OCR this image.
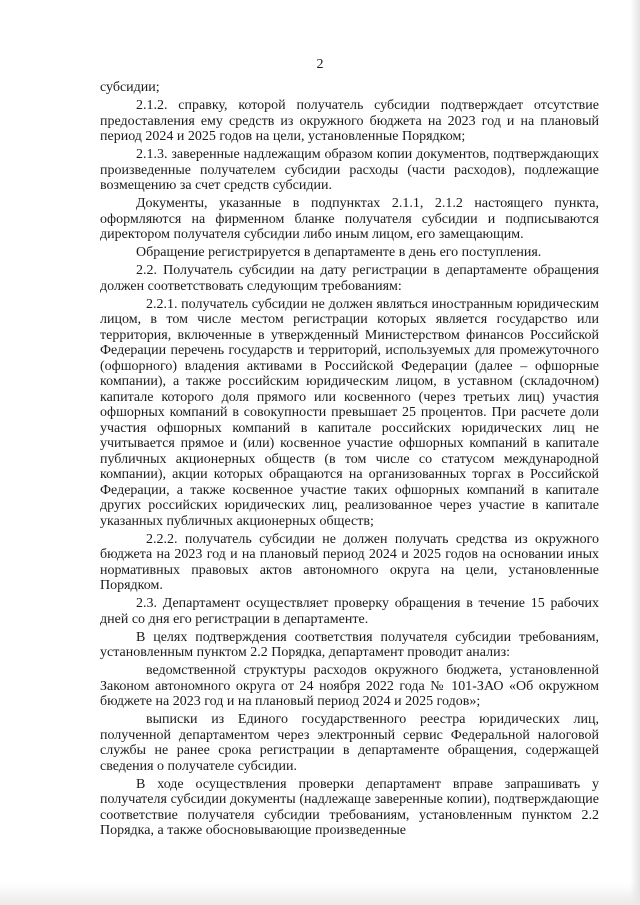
2

субсидии;

2.1.2. справку, которой получатель субсидии подтверждает отсутствие предоставления ему средств из окружного бюджета на 2023 год и на плановый период 2024 и 2025 годов на цели, установленные Порядком;

2.1.3. заверенные надлежащим образом копии документов, подтверждающих произведенные получателем субсидии расходы (части расходов), подлежащие возмещению за счет средств субсидии.

Документы, указанные в подпунктах 2.1.1, 2.1.2 настоящего пункта, оформляются на фирменном бланке получателя субсидии и подписываются директором получателя субсидии либо иным лицом, его замещающим.

Обращение регистрируется в департаменте в день его поступления.

2.2. Получатель субсидии на дату регистрации в департаменте обращения должен соответствовать следующим требованиям:

2.2.1. получатель субсидии не должен являться иностранным юридическим лицом, в том числе местом регистрации которых является государство или территория, включенные в утвержденный Министерством финансов Российской Федерации перечень государств и территорий, используемых для промежуточного (офшорного) владения активами в Российской Федерации (далее – офшорные компании), а также российским юридическим лицом, в уставном (складочном) капитале которого доля прямого или косвенного (через третьих лиц) участия офшорных компаний в совокупности превышает 25 процентов. При расчете доли участия офшорных компаний в капитале российских юридических лиц не учитывается прямое и (или) косвенное участие офшорных компаний в капитале публичных акционерных обществ (в том числе со статусом международной компании), акции которых обращаются на организованных торгах в Российской Федерации, а также косвенное участие таких офшорных компаний в капитале других российских юридических лиц, реализованное через участие в капитале указанных публичных акционерных обществ;

2.2.2. получатель субсидии не должен получать средства из окружного бюджета на 2023 год и на плановый период 2024 и 2025 годов на основании иных нормативных правовых актов автономного округа на цели, установленные Порядком.

2.3. Департамент осуществляет проверку обращения в течение 15 рабочих дней со дня его регистрации в департаменте.

В целях подтверждения соответствия получателя субсидии требованиям, установленным пунктом 2.2 Порядка, департамент проводит анализ:

ведомственной структуры расходов окружного бюджета, установленной Законом автономного округа от 24 ноября 2022 года № 101-ЗАО «Об окружном бюджете на 2023 год и на плановый период 2024 и 2025 годов»;

выписки из Единого государственного реестра юридических лиц, полученной департаментом через электронный сервис Федеральной налоговой службы не ранее срока регистрации в департаменте обращения, содержащей сведения о получателе субсидии.

В ходе осуществления проверки департамент вправе запрашивать у получателя субсидии документы (надлежаще заверенные копии), подтверждающие соответствие получателя субсидии требованиям, установленным пунктом 2.2 Порядка, а также обосновывающие произведенные
